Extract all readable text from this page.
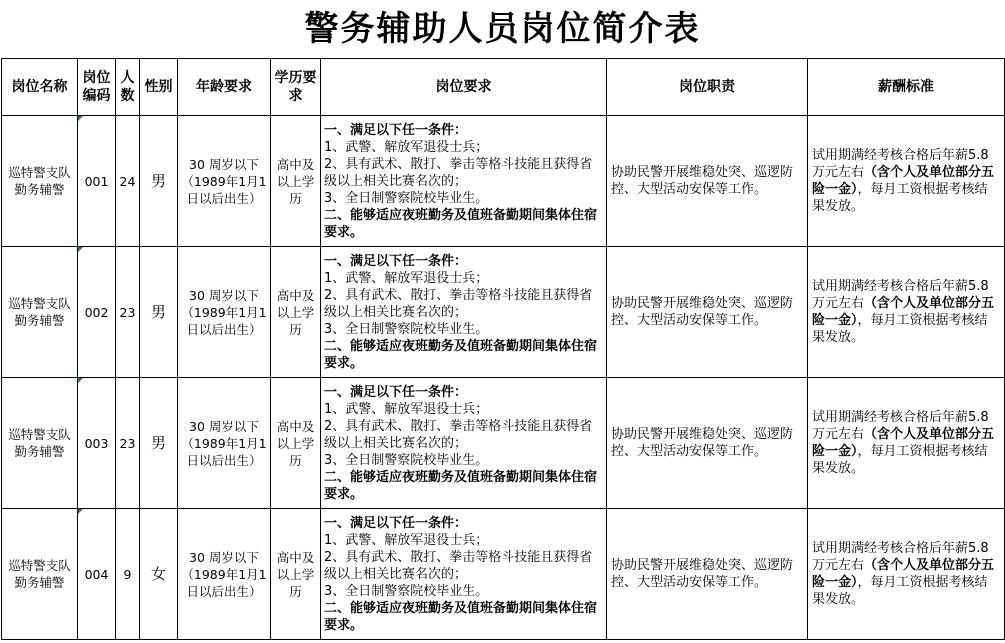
警务辅助人员岗位简介表
岗位名称	岗位编码	人数	性别	年龄要求	学历要求	岗位要求	岗位职责	薪酬标准
巡特警支队勤务辅警	001	24	男	30 周岁以下（1989年1月1日以后出生）	高中及以上学历	一、满足以下任一条件：
1、武警、解放军退役士兵；
2、具有武术、散打、拳击等格斗技能且获得省级以上相关比赛名次的；
3、全日制警察院校毕业生。
二、能够适应夜班勤务及值班备勤期间集体住宿要求。	协助民警开展维稳处突、巡逻防控、大型活动安保等工作。	试用期满经考核合格后年薪5.8万元左右（含个人及单位部分五险一金），每月工资根据考核结果发放。
巡特警支队勤务辅警	002	23	男	30 周岁以下（1989年1月1日以后出生）	高中及以上学历	一、满足以下任一条件：
1、武警、解放军退役士兵；
2、具有武术、散打、拳击等格斗技能且获得省级以上相关比赛名次的；
3、全日制警察院校毕业生。
二、能够适应夜班勤务及值班备勤期间集体住宿要求。	协助民警开展维稳处突、巡逻防控、大型活动安保等工作。	试用期满经考核合格后年薪5.8万元左右（含个人及单位部分五险一金），每月工资根据考核结果发放。
巡特警支队勤务辅警	003	23	男	30 周岁以下（1989年1月1日以后出生）	高中及以上学历	一、满足以下任一条件：
1、武警、解放军退役士兵；
2、具有武术、散打、拳击等格斗技能且获得省级以上相关比赛名次的；
3、全日制警察院校毕业生。
二、能够适应夜班勤务及值班备勤期间集体住宿要求。	协助民警开展维稳处突、巡逻防控、大型活动安保等工作。	试用期满经考核合格后年薪5.8万元左右（含个人及单位部分五险一金），每月工资根据考核结果发放。
巡特警支队勤务辅警	004	9	女	30 周岁以下（1989年1月1日以后出生）	高中及以上学历	一、满足以下任一条件：
1、武警、解放军退役士兵；
2、具有武术、散打、拳击等格斗技能且获得省级以上相关比赛名次的；
3、全日制警察院校毕业生。
二、能够适应夜班勤务及值班备勤期间集体住宿要求。	协助民警开展维稳处突、巡逻防控、大型活动安保等工作。	试用期满经考核合格后年薪5.8万元左右（含个人及单位部分五险一金），每月工资根据考核结果发放。
